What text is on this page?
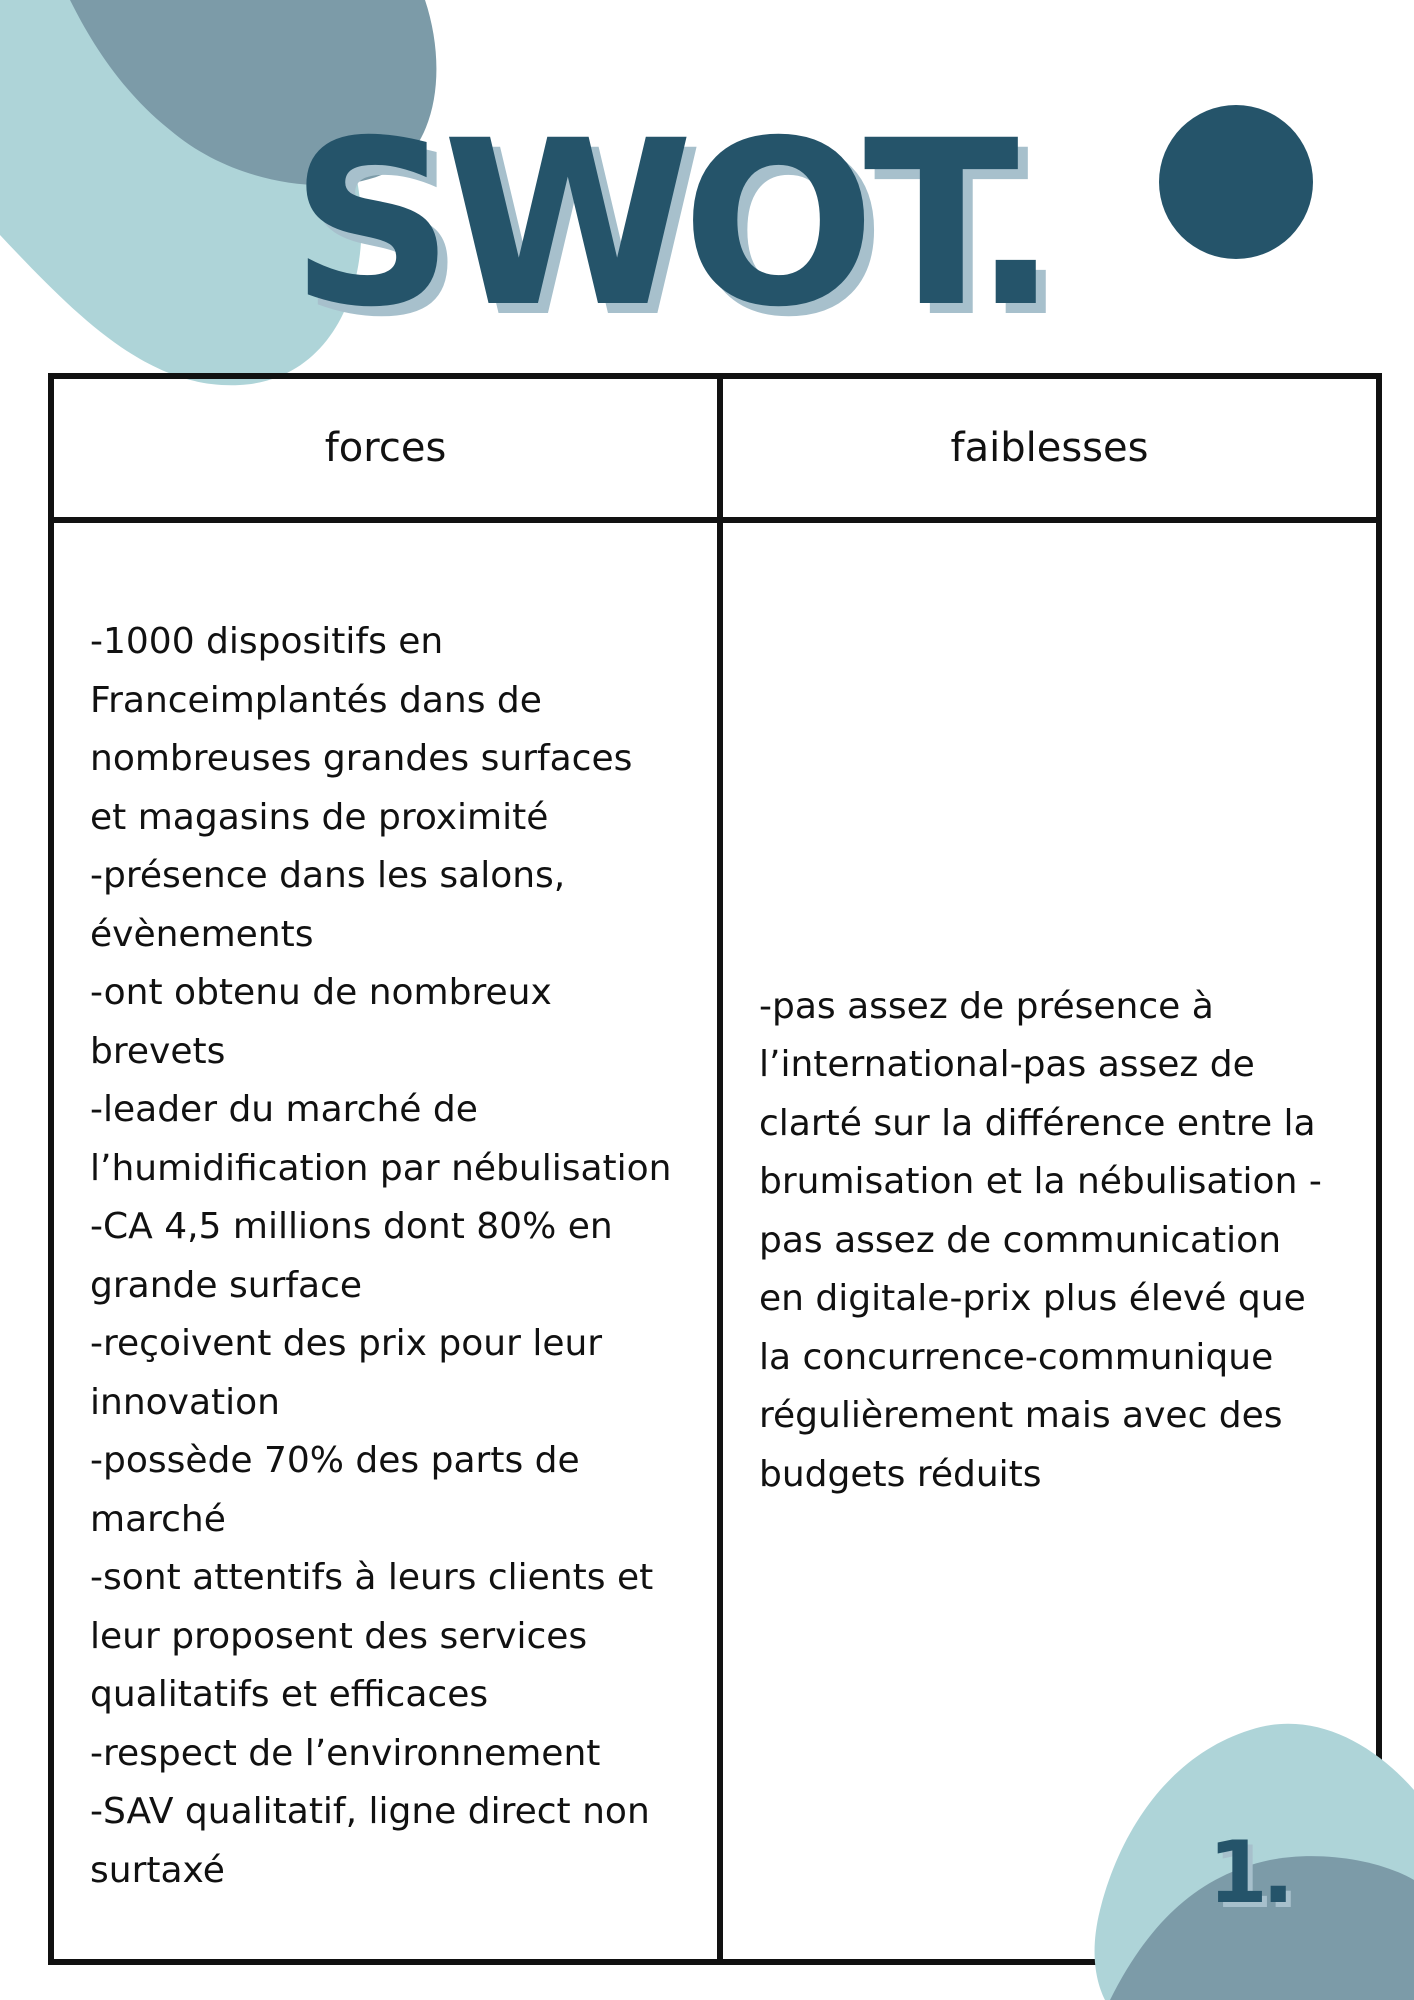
SWOT.
forces	faiblesses

-1000 dispositifs en
Franceimplantés dans de
nombreuses grandes surfaces
et magasins de proximité
-présence dans les salons,
évènements
-ont obtenu de nombreux
brevets
-leader du marché de
l’humidification par nébulisation
-CA 4,5 millions dont 80% en
grande surface
-reçoivent des prix pour leur
innovation
-possède 70% des parts de
marché
-sont attentifs à leurs clients et
leur proposent des services
qualitatifs et efficaces
-respect de l’environnement
-SAV qualitatif, ligne direct non
surtaxé

-pas assez de présence à
l’international-pas assez de
clarté sur la différence entre la
brumisation et la nébulisation -
pas assez de communication
en digitale-prix plus élevé que
la concurrence-communique
régulièrement mais avec des
budgets réduits

1.
